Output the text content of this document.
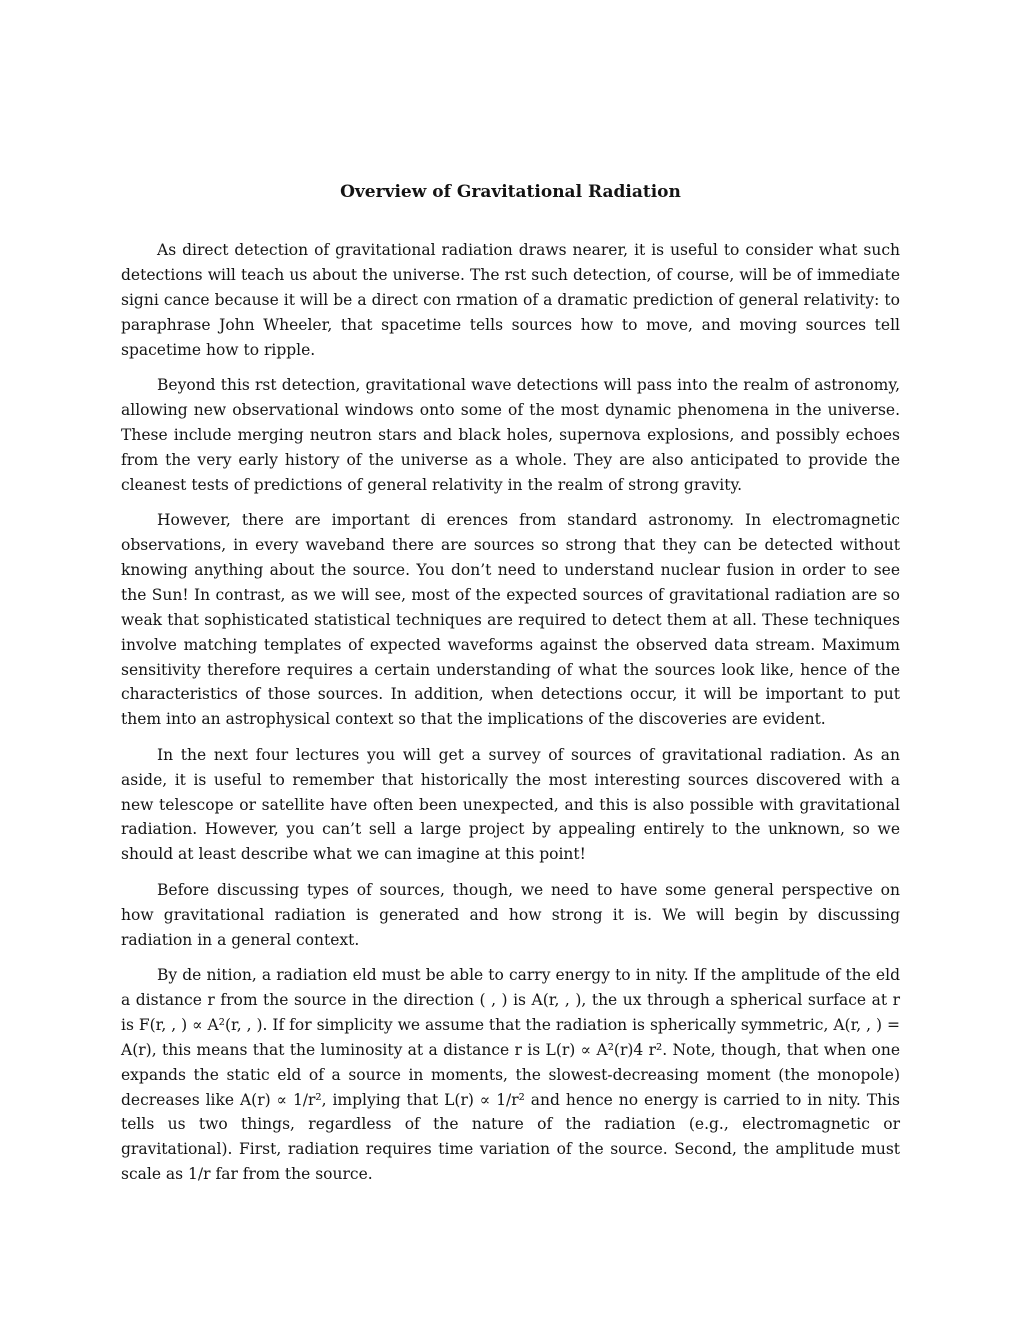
Overview of Gravitational Radiation

As direct detection of gravitational radiation draws nearer, it is useful to consider what such detections will teach us about the universe. The rst such detection, of course, will be of immediate signi cance because it will be a direct con rmation of a dramatic prediction of general relativity: to paraphrase John Wheeler, that spacetime tells sources how to move, and moving sources tell spacetime how to ripple.

Beyond this rst detection, gravitational wave detections will pass into the realm of astronomy, allowing new observational windows onto some of the most dynamic phenomena in the universe. These include merging neutron stars and black holes, supernova explosions, and possibly echoes from the very early history of the universe as a whole. They are also anticipated to provide the cleanest tests of predictions of general relativity in the realm of strong gravity.

However, there are important di erences from standard astronomy. In electromagnetic observations, in every waveband there are sources so strong that they can be detected without knowing anything about the source. You don’t need to understand nuclear fusion in order to see the Sun! In contrast, as we will see, most of the expected sources of gravitational radiation are so weak that sophisticated statistical techniques are required to detect them at all. These techniques involve matching templates of expected waveforms against the observed data stream. Maximum sensitivity therefore requires a certain understanding of what the sources look like, hence of the characteristics of those sources. In addition, when detections occur, it will be important to put them into an astrophysical context so that the implications of the discoveries are evident.

In the next four lectures you will get a survey of sources of gravitational radiation. As an aside, it is useful to remember that historically the most interesting sources discovered with a new telescope or satellite have often been unexpected, and this is also possible with gravitational radiation. However, you can’t sell a large project by appealing entirely to the unknown, so we should at least describe what we can imagine at this point!

Before discussing types of sources, though, we need to have some general perspective on how gravitational radiation is generated and how strong it is. We will begin by discussing radiation in a general context.

By de nition, a radiation eld must be able to carry energy to in nity. If the amplitude of the eld a distance r from the source in the direction ( , ) is A(r, , ), the ux through a spherical surface at r is F(r, , ) ∝ A²(r, , ). If for simplicity we assume that the radiation is spherically symmetric, A(r, , ) = A(r), this means that the luminosity at a distance r is L(r) ∝ A²(r)4 r². Note, though, that when one expands the static eld of a source in moments, the slowest-decreasing moment (the monopole) decreases like A(r) ∝ 1/r², implying that L(r) ∝ 1/r² and hence no energy is carried to in nity. This tells us two things, regardless of the nature of the radiation (e.g., electromagnetic or gravitational). First, radiation requires time variation of the source. Second, the amplitude must scale as 1/r far from the source.
